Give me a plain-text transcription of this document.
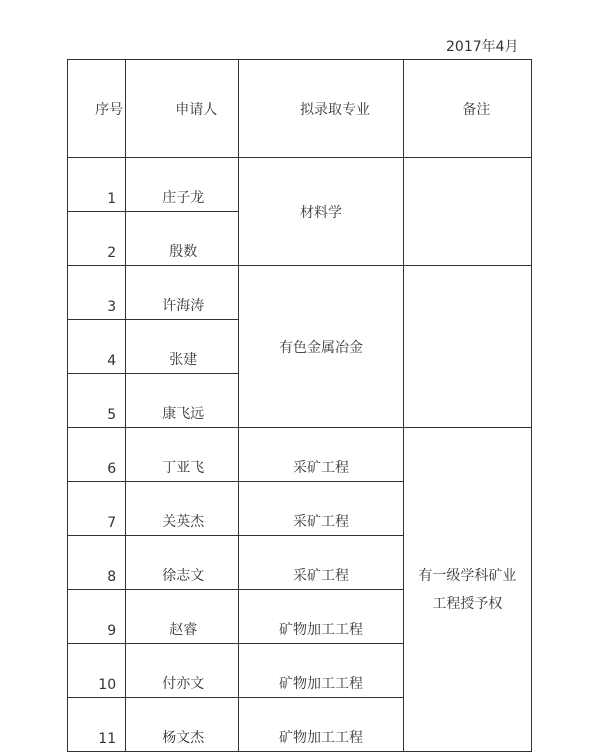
2017年4月
序号	申请人	拟录取专业	备注
1	庄子龙	材料学	
2	殷数		
3	许海涛	有色金属冶金	
4	张建		
5	康飞远		
6	丁亚飞	采矿工程	有一级学科矿业工程授予权

7	关英杰	采矿工程	
8	徐志文	采矿工程	
9	赵睿	矿物加工工程	
10	付亦文	矿物加工工程	
11	杨文杰	矿物加工工程	
